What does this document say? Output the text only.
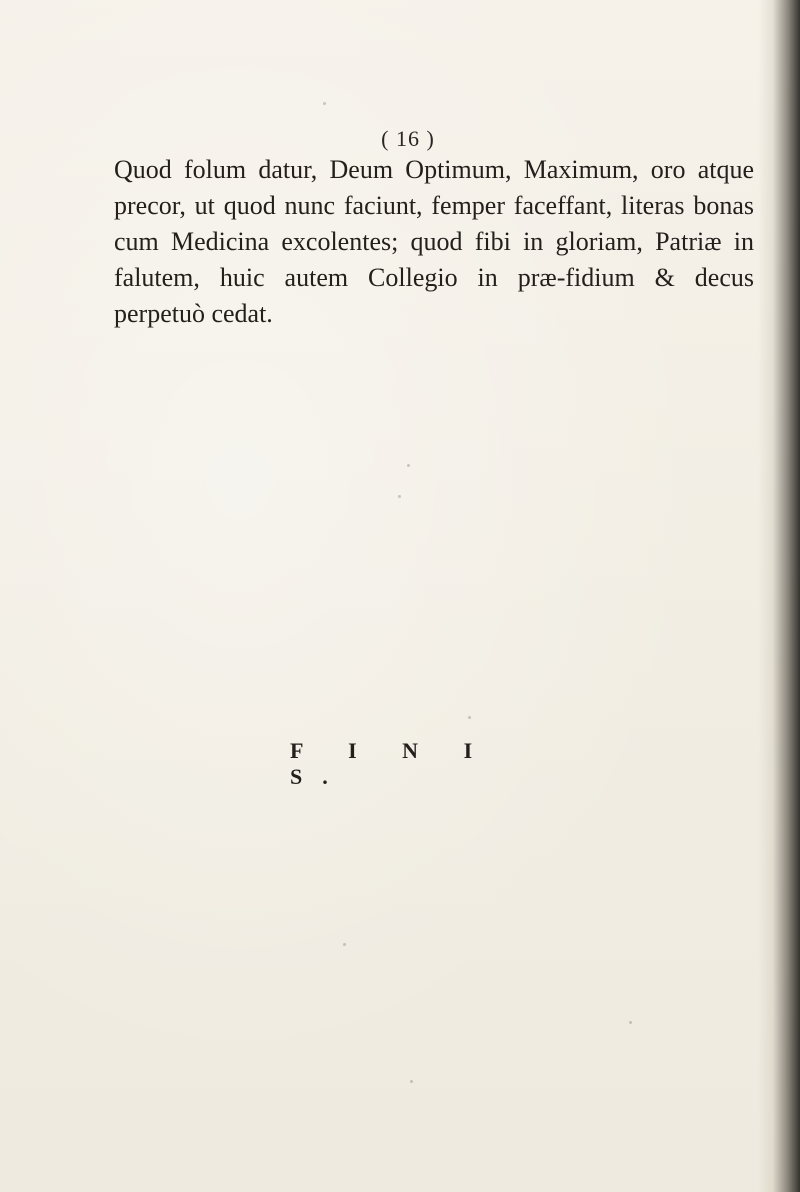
( 16 )

Quod folum datur, Deum Optimum, Maximum, oro atque precor, ut quod nunc faciunt, femper faceffant, literas bonas cum Medicina excolentes; quod fibi in gloriam, Patriæ in falutem, huic autem Collegio in præ-fidium & decus perpetuò cedat.

F I N I S.
